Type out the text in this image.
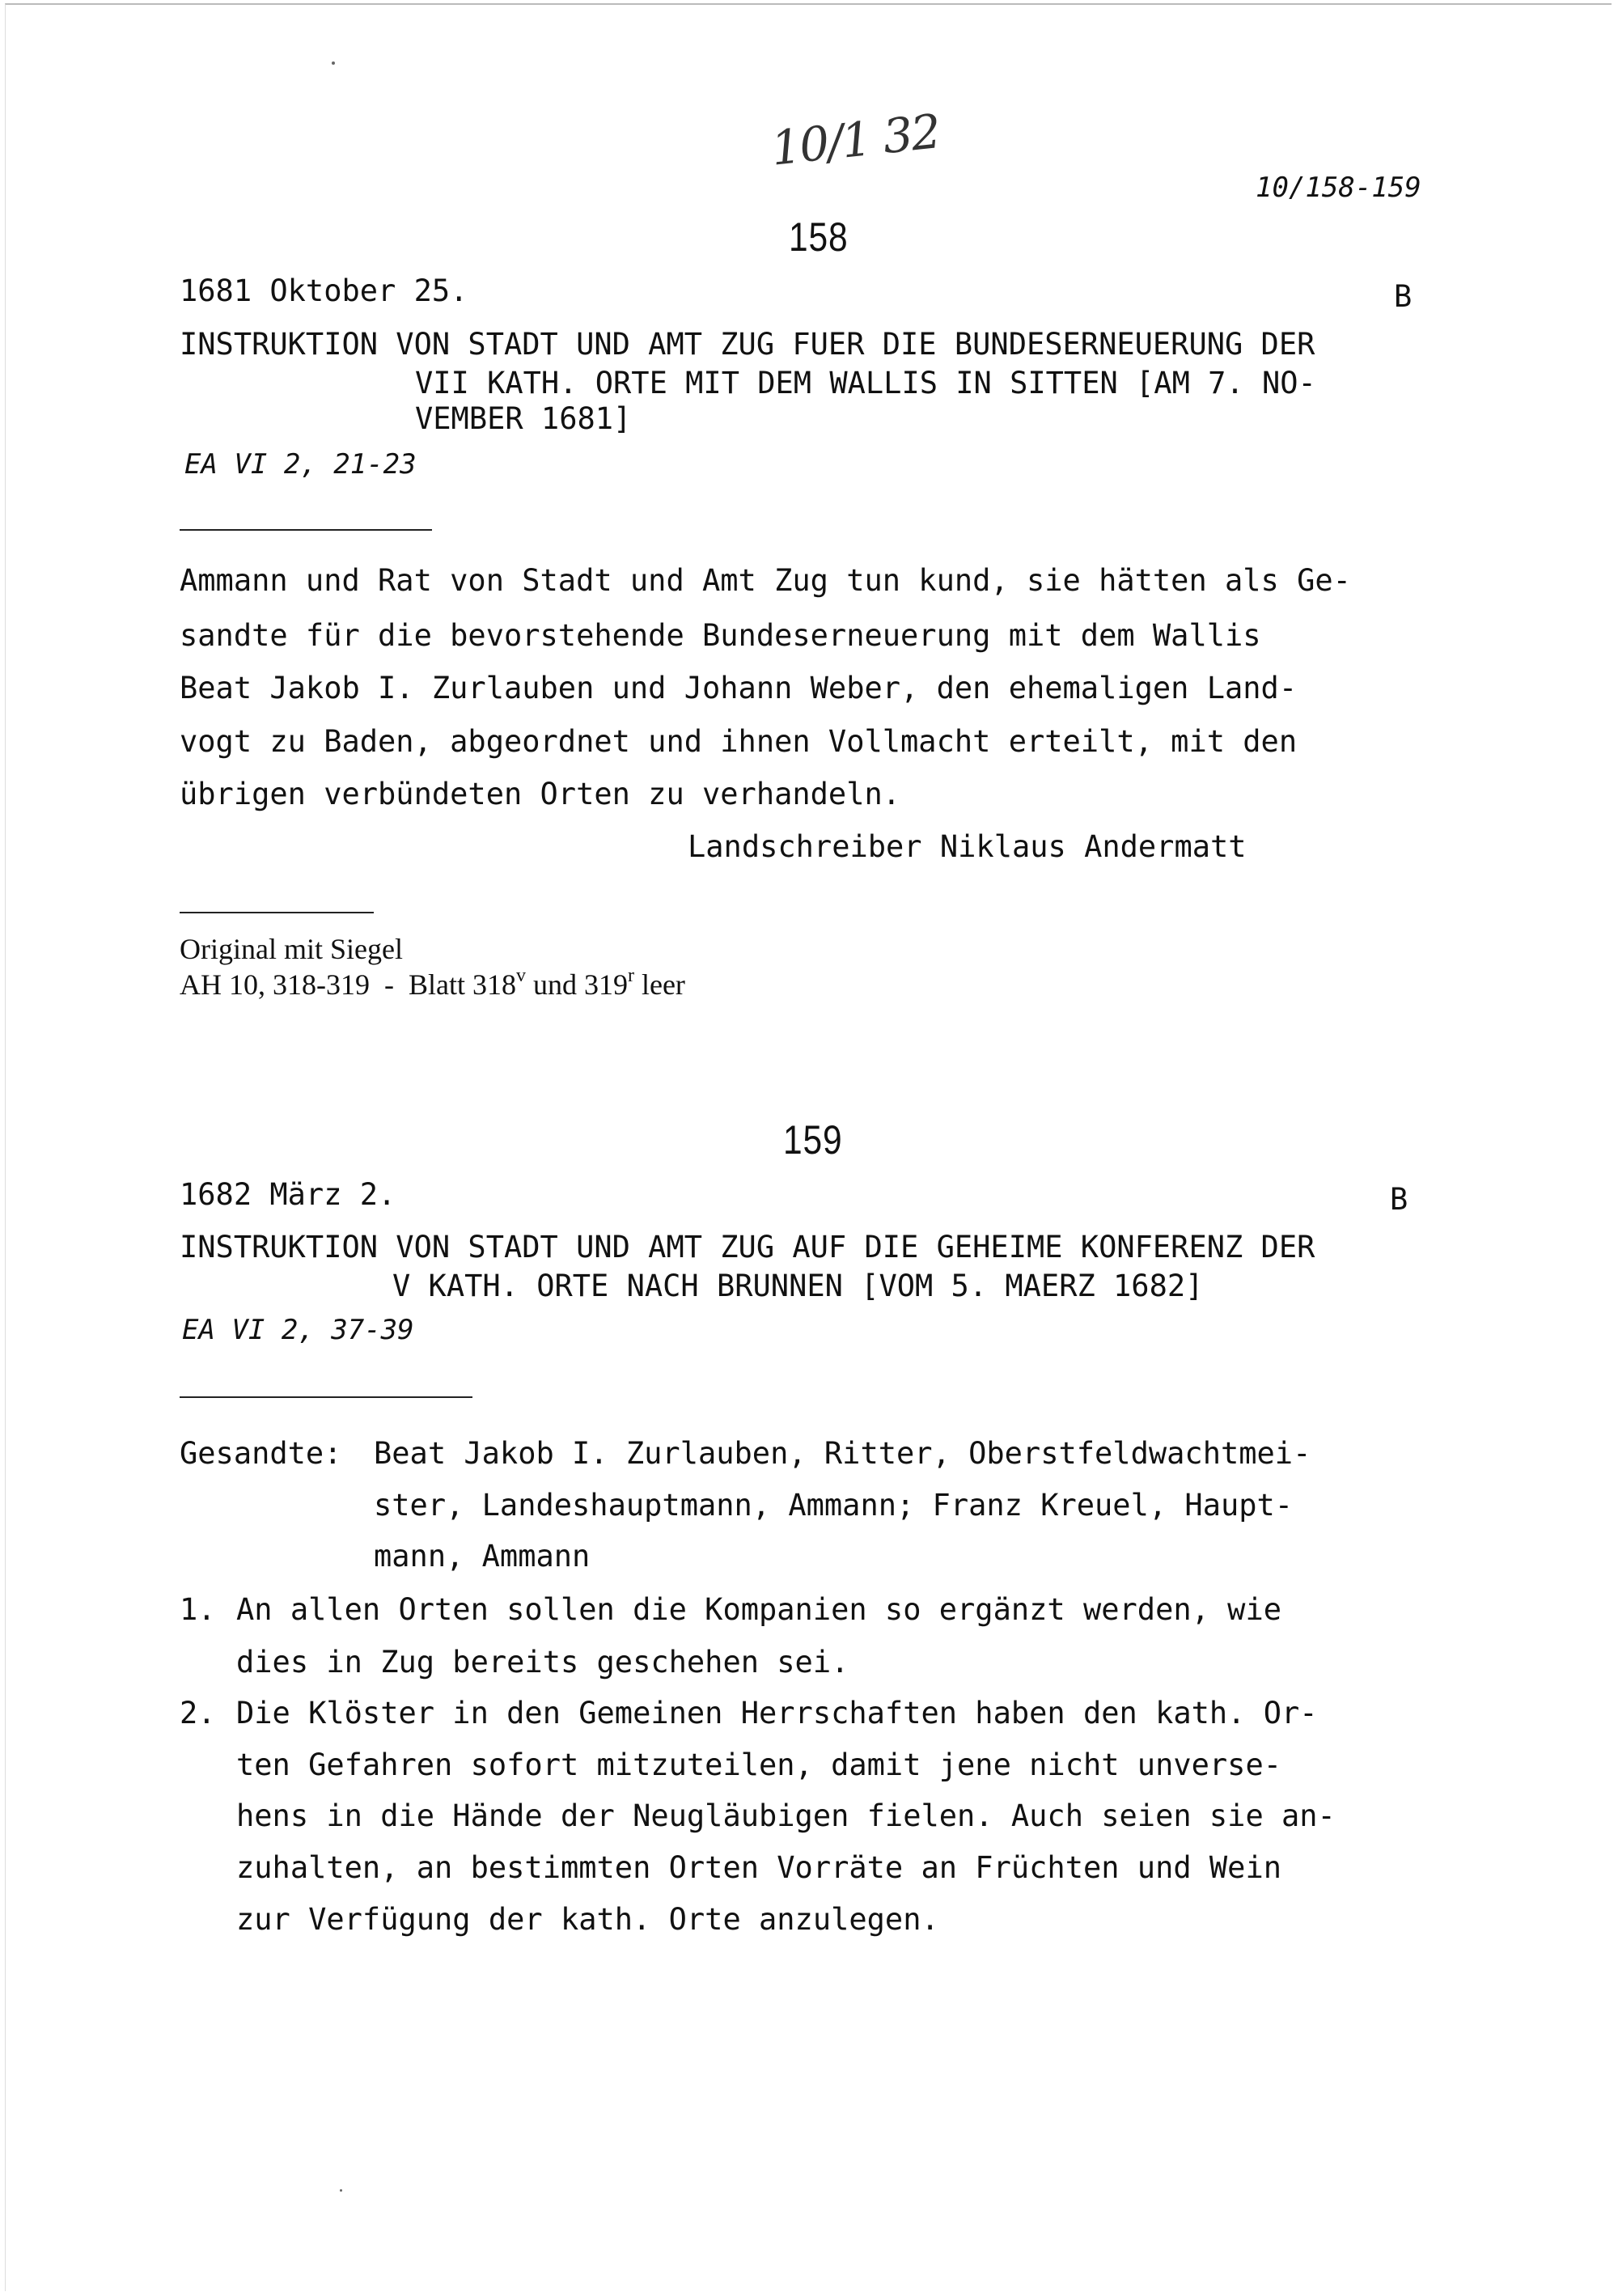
10/1 32
10/158-159
158
1681 Oktober 25.	B
INSTRUKTION VON STADT UND AMT ZUG FUER DIE BUNDESERNEUERUNG DER
VII KATH. ORTE MIT DEM WALLIS IN SITTEN [AM 7. NO-
VEMBER 1681]
EA VI 2, 21-23
Ammann und Rat von Stadt und Amt Zug tun kund, sie hätten als Ge-
sandte für die bevorstehende Bundeserneuerung mit dem Wallis
Beat Jakob I. Zurlauben und Johann Weber, den ehemaligen Land-
vogt zu Baden, abgeordnet und ihnen Vollmacht erteilt, mit den
übrigen verbündeten Orten zu verhandeln.
Landschreiber Niklaus Andermatt
Original mit Siegel
AH 10, 318-319  -  Blatt 318$^v$ und 319$^r$ leer
159
1682 März 2.	B
INSTRUKTION VON STADT UND AMT ZUG AUF DIE GEHEIME KONFERENZ DER
V KATH. ORTE NACH BRUNNEN [VOM 5. MAERZ 1682]
EA VI 2, 37-39
Gesandte: Beat Jakob I. Zurlauben, Ritter, Oberstfeldwachtmei-
ster, Landeshauptmann, Ammann; Franz Kreuel, Haupt-
mann, Ammann
1. An allen Orten sollen die Kompanien so ergänzt werden, wie
dies in Zug bereits geschehen sei.
2. Die Klöster in den Gemeinen Herrschaften haben den kath. Or-
ten Gefahren sofort mitzuteilen, damit jene nicht unverse-
hens in die Hände der Neugläubigen fielen. Auch seien sie an-
zuhalten, an bestimmten Orten Vorräte an Früchten und Wein
zur Verfügung der kath. Orte anzulegen.
